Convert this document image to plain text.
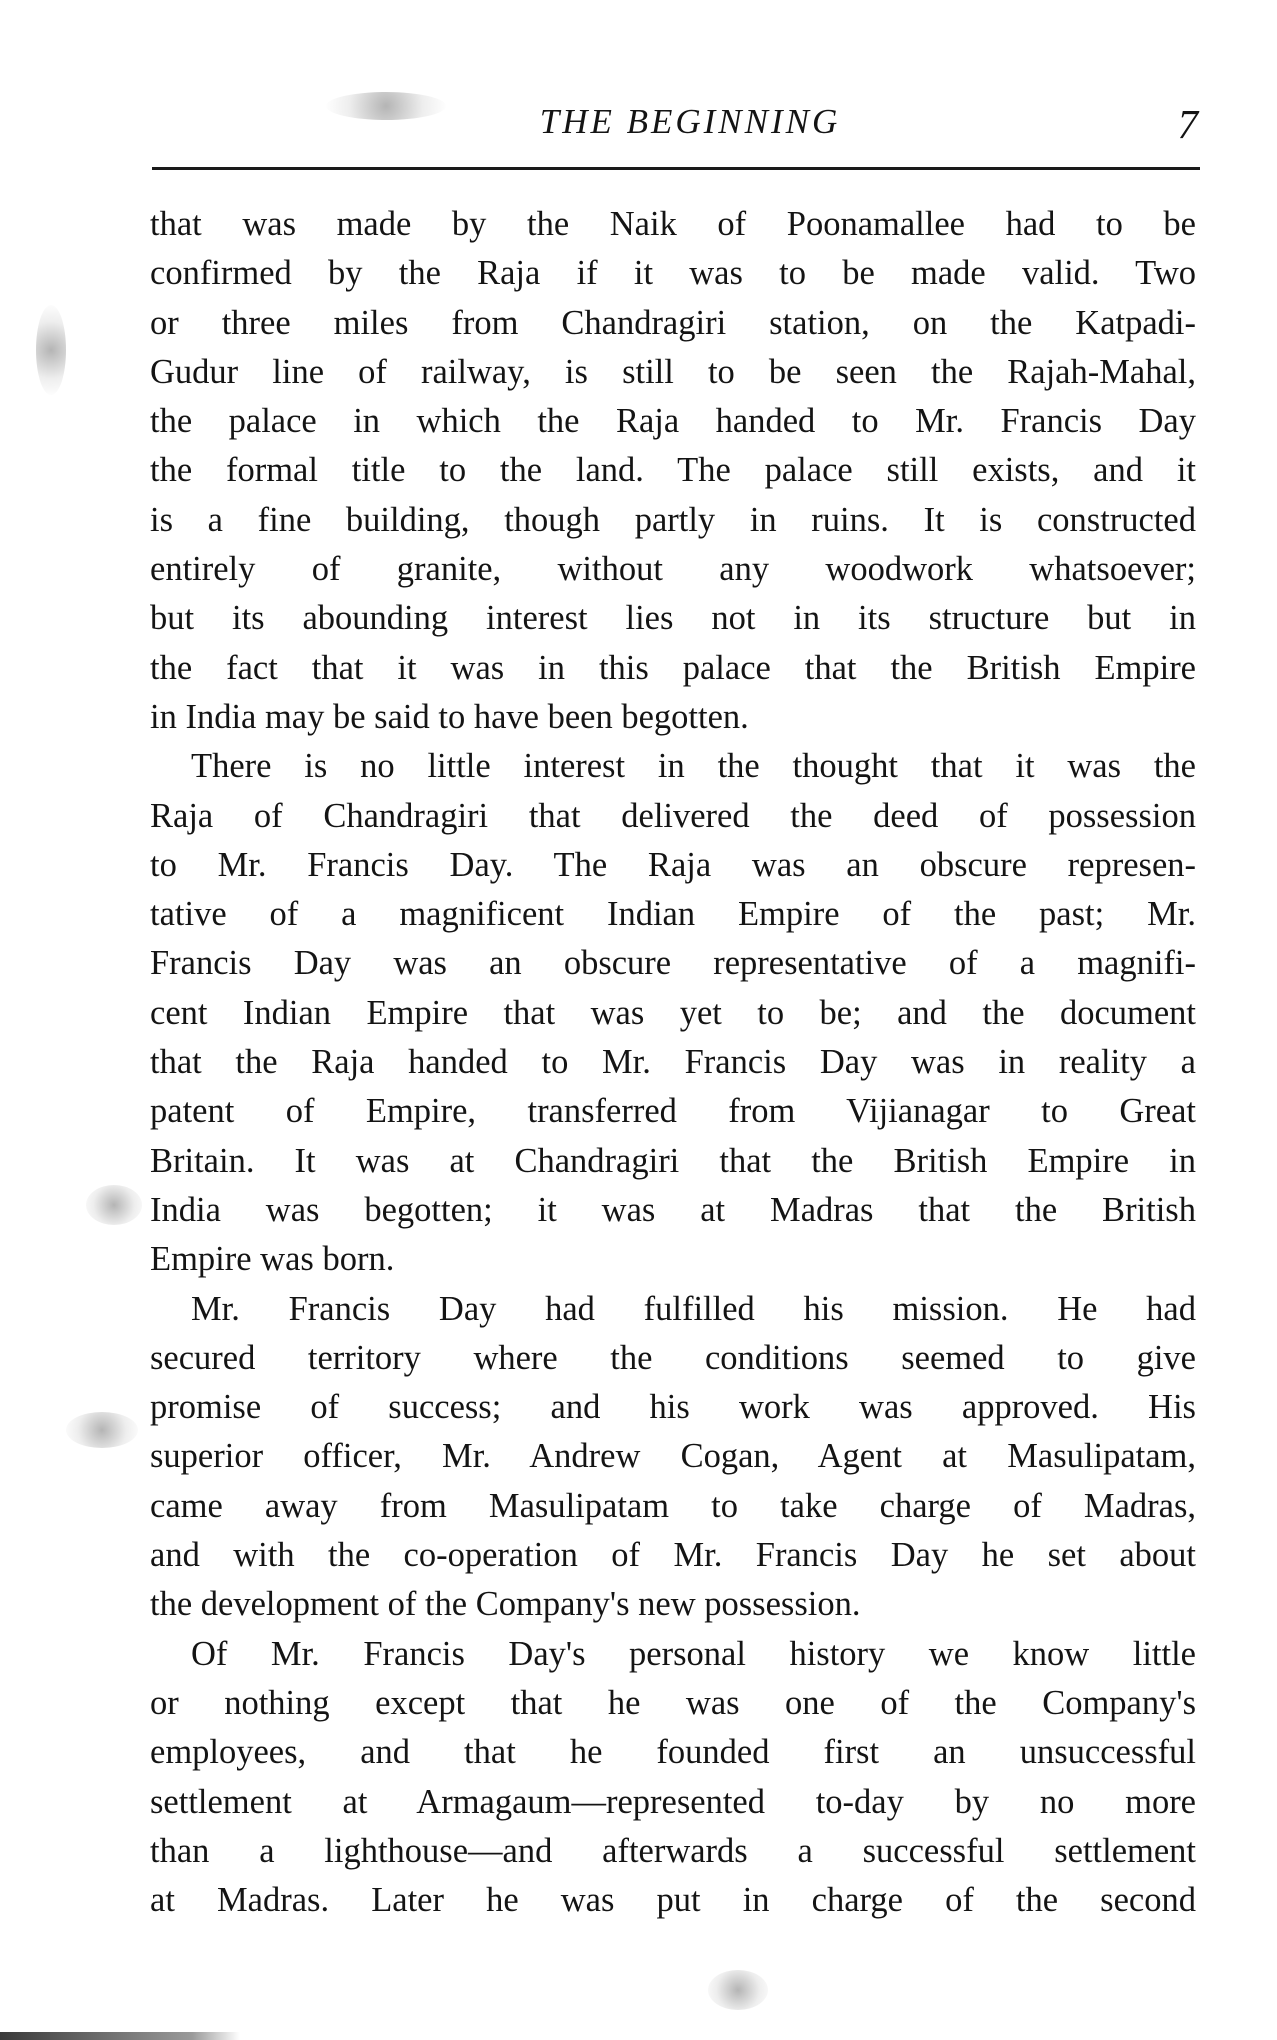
THE BEGINNING	7
that was made by the Naik of Poonamallee had to be
confirmed by the Raja if it was to be made valid. Two
or three miles from Chandragiri station, on the Katpadi-
Gudur line of railway, is still to be seen the Rajah-Mahal,
the palace in which the Raja handed to Mr. Francis Day
the formal title to the land. The palace still exists, and it
is a fine building, though partly in ruins. It is constructed
entirely of granite, without any woodwork whatsoever;
but its abounding interest lies not in its structure but in
the fact that it was in this palace that the British Empire
in India may be said to have been begotten.
There is no little interest in the thought that it was the
Raja of Chandragiri that delivered the deed of possession
to Mr. Francis Day. The Raja was an obscure represen-
tative of a magnificent Indian Empire of the past; Mr.
Francis Day was an obscure representative of a magnifi-
cent Indian Empire that was yet to be; and the document
that the Raja handed to Mr. Francis Day was in reality a
patent of Empire, transferred from Vijianagar to Great
Britain. It was at Chandragiri that the British Empire in
India was begotten; it was at Madras that the British
Empire was born.
Mr. Francis Day had fulfilled his mission. He had
secured territory where the conditions seemed to give
promise of success; and his work was approved. His
superior officer, Mr. Andrew Cogan, Agent at Masulipatam,
came away from Masulipatam to take charge of Madras,
and with the co-operation of Mr. Francis Day he set about
the development of the Company's new possession.
Of Mr. Francis Day's personal history we know little
or nothing except that he was one of the Company's
employees, and that he founded first an unsuccessful
settlement at Armagaum—represented to-day by no more
than a lighthouse—and afterwards a successful settlement
at Madras. Later he was put in charge of the second
